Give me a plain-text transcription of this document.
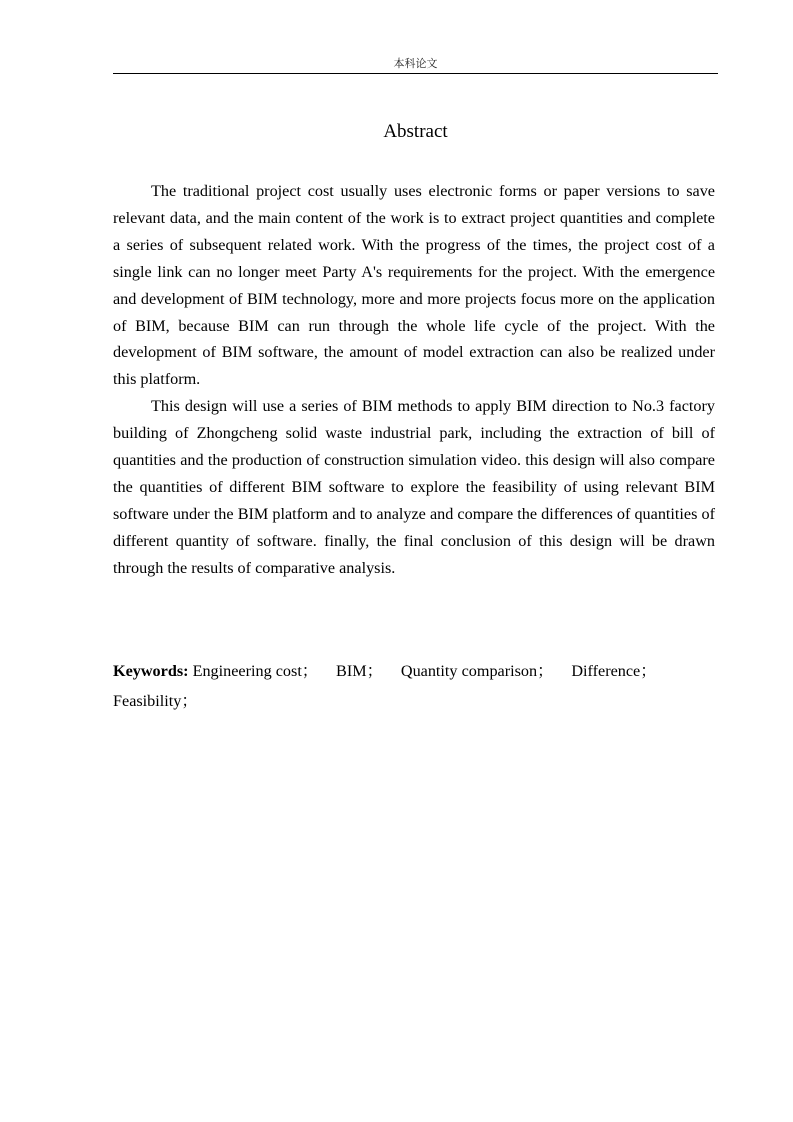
本科论文
Abstract

The traditional project cost usually uses electronic forms or paper versions to save relevant data, and the main content of the work is to extract project quantities and complete a series of subsequent related work. With the progress of the times, the project cost of a single link can no longer meet Party A's requirements for the project. With the emergence and development of BIM technology, more and more projects focus more on the application of BIM, because BIM can run through the whole life cycle of the project. With the development of BIM software, the amount of model extraction can also be realized under this platform.

This design will use a series of BIM methods to apply BIM direction to No.3 factory building of Zhongcheng solid waste industrial park, including the extraction of bill of quantities and the production of construction simulation video. this design will also compare the quantities of different BIM software to explore the feasibility of using relevant BIM software under the BIM platform and to analyze and compare the differences of quantities of different quantity of software. finally, the final conclusion of this design will be drawn through the results of comparative analysis.

Keywords: Engineering cost； BIM； Quantity comparison； Difference； Feasibility；
